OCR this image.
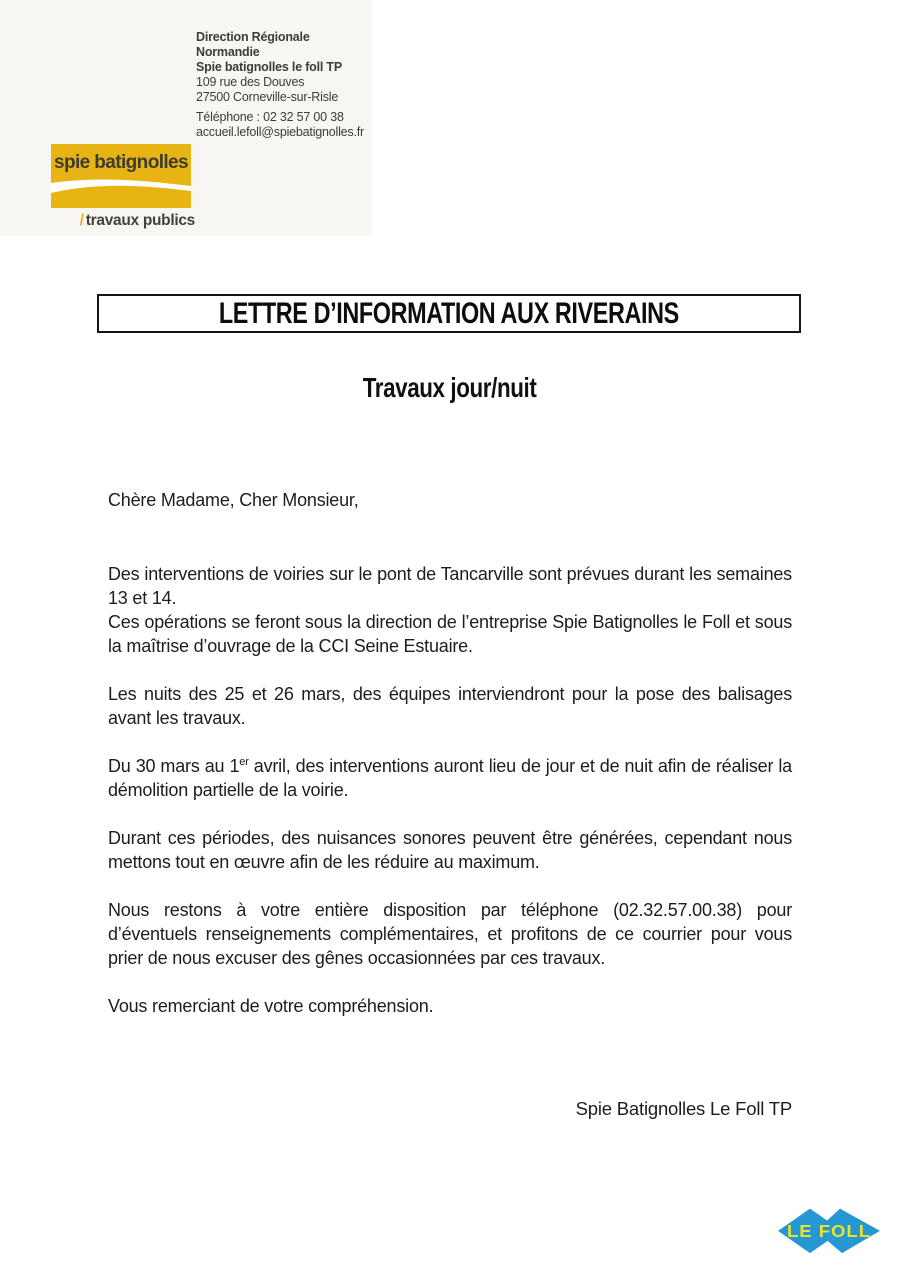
Direction Régionale Normandie
Spie batignolles le foll TP
109 rue des Douves
27500 Corneville-sur-Risle
Téléphone : 02 32 57 00 38
accueil.lefoll@spiebatignolles.fr
spie batignolles
/ travaux publics
LETTRE D’INFORMATION AUX RIVERAINS
Travaux jour/nuit
Chère Madame, Cher Monsieur,
Des interventions de voiries sur le pont de Tancarville sont prévues durant les semaines 13 et 14.
Ces opérations se feront sous la direction de l’entreprise Spie Batignolles le Foll et sous la maîtrise d’ouvrage de la CCI Seine Estuaire.
Les nuits des 25 et 26 mars, des équipes interviendront pour la pose des balisages avant les travaux.
Du 30 mars au 1er avril, des interventions auront lieu de jour et de nuit afin de réaliser la démolition partielle de la voirie.
Durant ces périodes, des nuisances sonores peuvent être générées, cependant nous mettons tout en œuvre afin de les réduire au maximum.
Nous restons à votre entière disposition par téléphone (02.32.57.00.38) pour d’éventuels renseignements complémentaires, et profitons de ce courrier pour vous prier de nous excuser des gênes occasionnées par ces travaux.
Vous remerciant de votre compréhension.
Spie Batignolles Le Foll TP
LE FOLL
